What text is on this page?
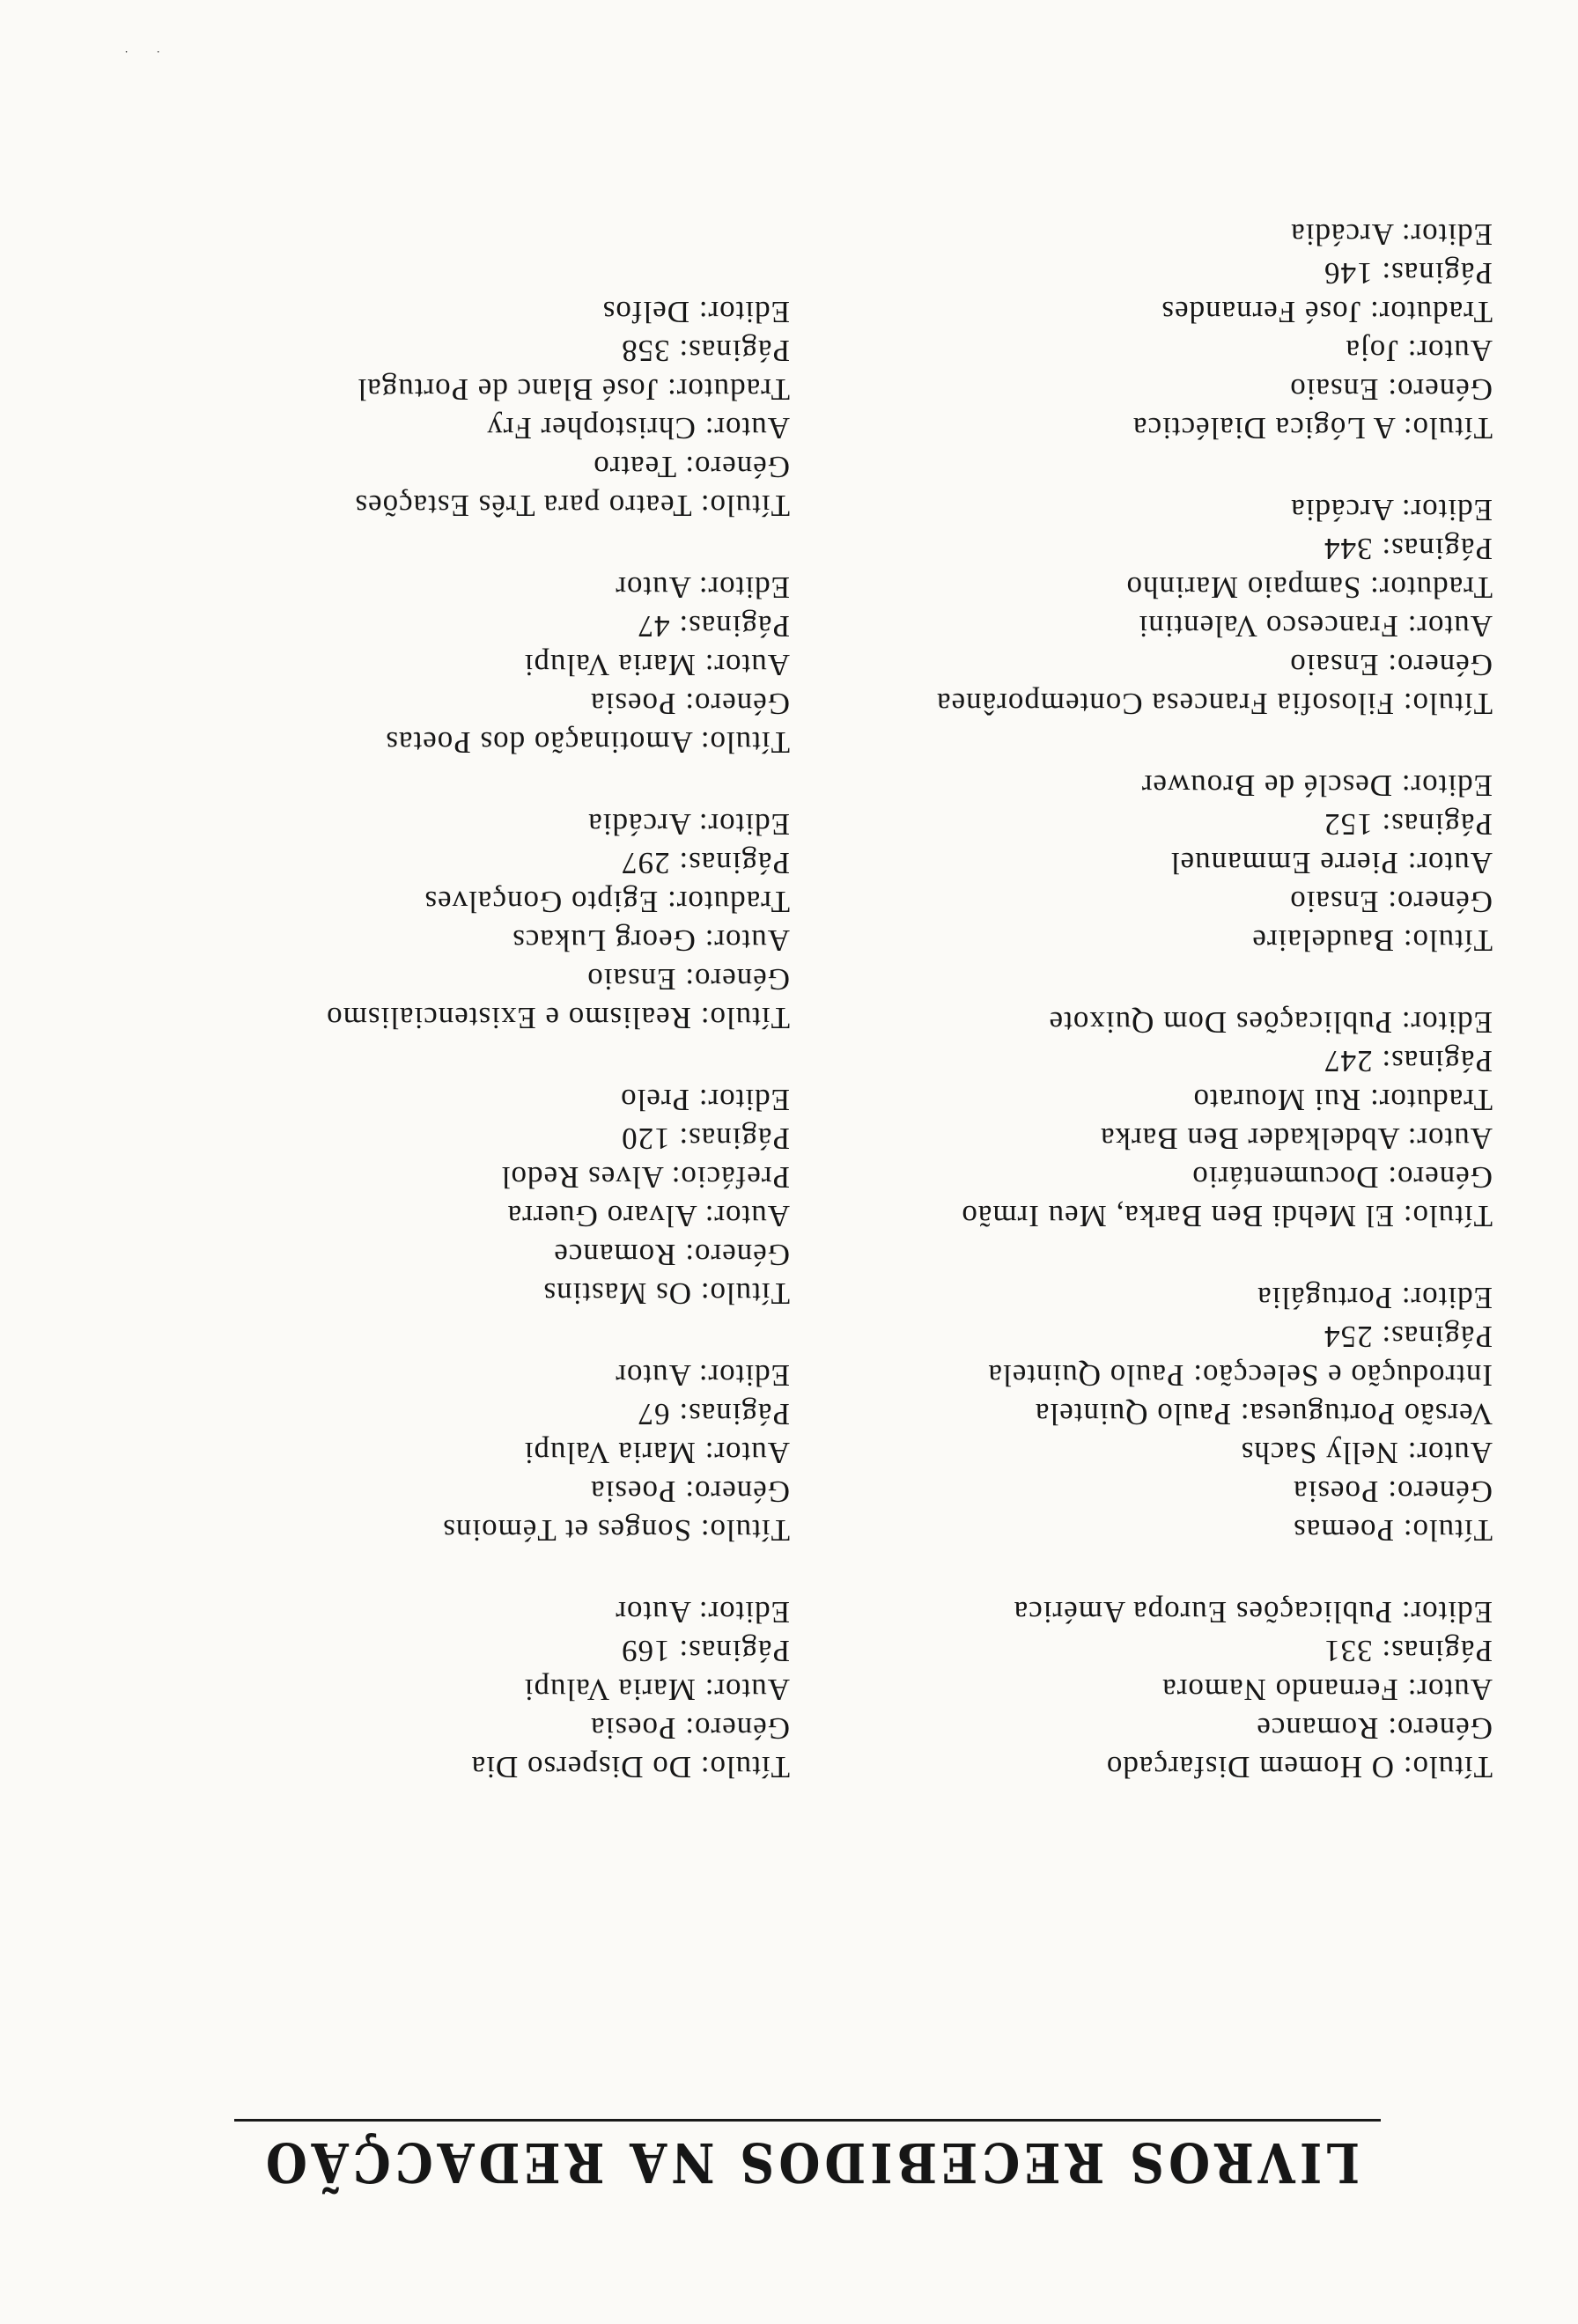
LIVROS RECEBIDOS NA REDACÇÃO
Título: O Homem Disfarçado
Género: Romance
Autor: Fernando Namora
Páginas: 331
Editor: Publicações Europa América
Título: Poemas
Género: Poesia
Autor: Nelly Sachs
Versão Portuguesa: Paulo Quintela
Introdução e Selecção: Paulo Quintela
Páginas: 254
Editor: Portugália
Título: El Mehdi Ben Barka, Meu Irmão
Género: Documentário
Autor: Abdelkader Ben Barka
Tradutor: Rui Mourato
Páginas: 247
Editor: Publicações Dom Quixote
Título: Baudelaire
Género: Ensaio
Autor: Pierre Emmanuel
Páginas: 152
Editor: Desclé de Brouwer
Título: Filosofia Francesa Contemporânea
Género: Ensaio
Autor: Francesco Valentini
Tradutor: Sampaio Marinho
Páginas: 344
Editor: Arcádia
Título: A Lógica Dialéctica
Género: Ensaio
Autor: Joja
Tradutor: José Fernandes
Páginas: 146
Editor: Arcádia
Título: Do Disperso Dia
Género: Poesia
Autor: Maria Valupi
Páginas: 169
Editor: Autor
Título: Songes et Témoins
Género: Poesia
Autor: Maria Valupi
Páginas: 67
Editor: Autor
Título: Os Mastins
Género: Romance
Autor: Alvaro Guerra
Prefácio: Alves Redol
Páginas: 120
Editor: Prelo
Título: Realismo e Existencialismo
Género: Ensaio
Autor: Georg Lukacs
Tradutor: Egipto Gonçalves
Páginas: 297
Editor: Arcádia
Título: Amotinação dos Poetas
Género: Poesia
Autor: Maria Valupi
Páginas: 47
Editor: Autor
Título: Teatro para Três Estações
Género: Teatro
Autor: Christopher Fry
Tradutor: José Blanc de Portugal
Páginas: 358
Editor: Delfos
· ·
